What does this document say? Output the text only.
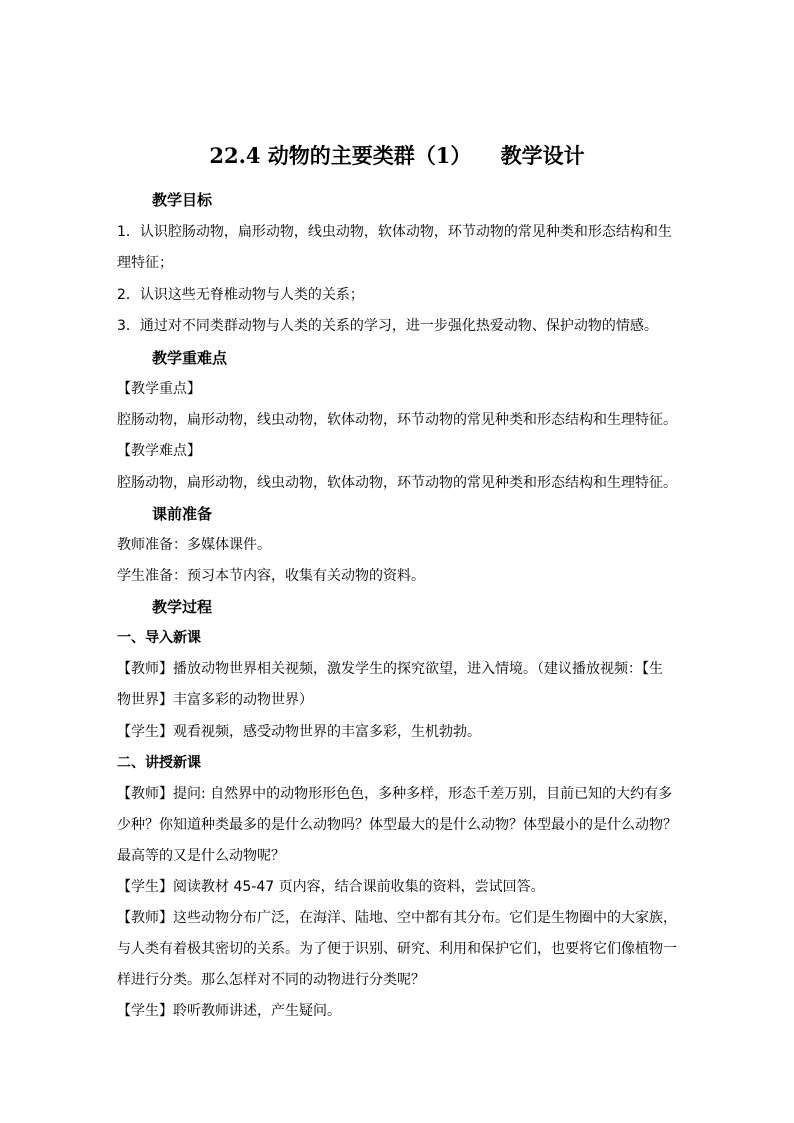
22.4 动物的主要类群（1）    教学设计
教学目标
1．认识腔肠动物，扁形动物，线虫动物，软体动物，环节动物的常见种类和形态结构和生
理特征；
2．认识这些无脊椎动物与人类的关系；
3．通过对不同类群动物与人类的关系的学习，进一步强化热爱动物、保护动物的情感。
教学重难点
【教学重点】
腔肠动物，扁形动物，线虫动物，软体动物，环节动物的常见种类和形态结构和生理特征。
【教学难点】
腔肠动物，扁形动物，线虫动物，软体动物，环节动物的常见种类和形态结构和生理特征。
课前准备
教师准备：多媒体课件。
学生准备：预习本节内容，收集有关动物的资料。
教学过程
一、导入新课
【教师】播放动物世界相关视频，激发学生的探究欲望，进入情境。（建议播放视频：【生
物世界】丰富多彩的动物世界）
【学生】观看视频，感受动物世界的丰富多彩，生机勃勃。
二、讲授新课
【教师】提问: 自然界中的动物形形色色，多种多样，形态千差万别，目前已知的大约有多
少种？你知道种类最多的是什么动物吗？体型最大的是什么动物？体型最小的是什么动物？
最高等的又是什么动物呢？
【学生】阅读教材 45-47 页内容，结合课前收集的资料，尝试回答。
【教师】这些动物分布广泛，在海洋、陆地、空中都有其分布。它们是生物圈中的大家族，
与人类有着极其密切的关系。为了便于识别、研究、利用和保护它们，也要将它们像植物一
样进行分类。那么怎样对不同的动物进行分类呢？
【学生】聆听教师讲述，产生疑问。
